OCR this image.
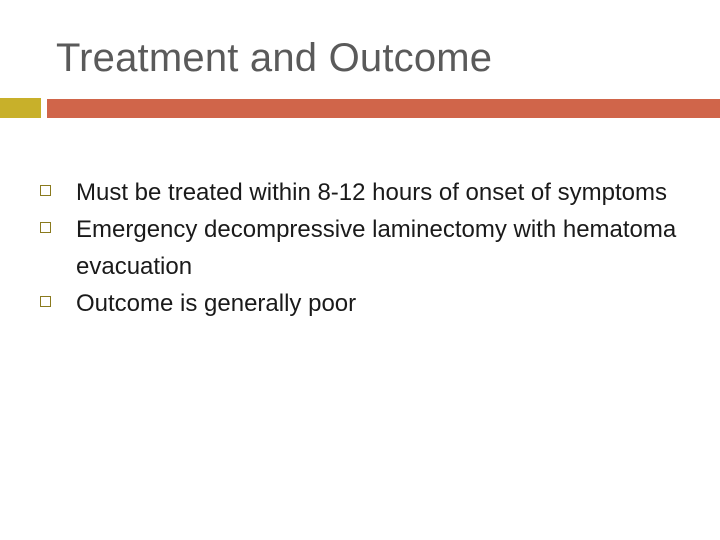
Treatment and Outcome
Must be treated within 8-12 hours of onset of symptoms
Emergency decompressive laminectomy with hematoma evacuation
Outcome is generally poor
